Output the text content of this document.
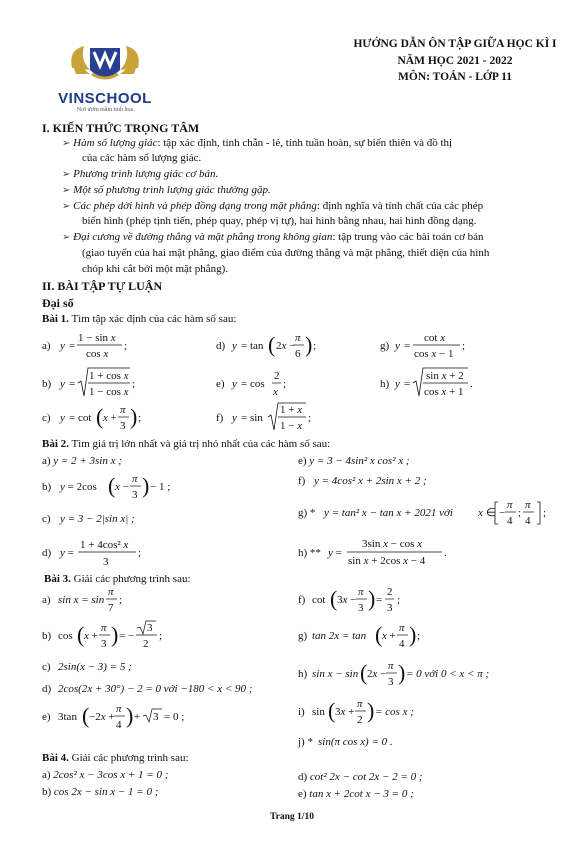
VINSCHOOL
Nơi ươm mầm tinh hoa
HƯỚNG DẪN ÔN TẬP GIỮA HỌC KÌ I
NĂM HỌC 2021 - 2022
MÔN: TOÁN - LỚP 11
I. KIẾN THỨC TRỌNG TÂM
➢ Hàm số lượng giác: tập xác định, tính chẵn - lẻ, tính tuần hoàn, sự biến thiên và đồ thị
của các hàm số lượng giác.
➢ Phương trình lượng giác cơ bản.
➢ Một số phương trình lượng giác thường gặp.
➢ Các phép dời hình và phép đồng dạng trong mặt phẳng: định nghĩa và tính chất của các phép
biến hình (phép tịnh tiến, phép quay, phép vị tự), hai hình bằng nhau, hai hình đồng dạng.
➢ Đại cương về đường thẳng và mặt phẳng trong không gian: tập trung vào các bài toán cơ bản
(giao tuyến của hai mặt phẳng, giao điểm của đường thẳng và mặt phẳng, thiết diện của hình
chóp khi cắt bởi một mặt phẳng).
II. BÀI TẬP TỰ LUẬN
Đại số
Bài 1. Tìm tập xác định của các hàm số sau:
a) y =
1 − sin x
cos x
;	d) y = tan ( 2x −
π
6 ) ;	g) y =
cot x
cos x − 1
;
b) y =
1 + cos x
1 − cos x
;	e) y = cos
2
x
;	h) y =
sin x + 2
cos x + 1
.
c) y = cot ( x +
π
3 ) ;	f) y = sin
1 + x
1 − x
;
Bài 2. Tìm giá trị lớn nhất và giá trị nhỏ nhất của các hàm số sau:
a) y = 2 + 3sin x ;	e) y = 3 − 4sin² x cos² x ;
b) y = 2cos ( x −
π
3 ) − 1 ;	f) y = 4cos² x + 2sin x + 2 ;
g) * y = tan² x − tan x + 2021 với x ∈ −
π
4
;
π
4
;
c) y = 3 − 2|sin x| ;
d) y =
1 + 4cos² x
3
;	h) ** y =
3sin x − cos x
sin x + 2cos x − 4
.
Bài 3. Giải các phương trình sau:
a) sin x = sin
π
7
;	f) cot ( 3x −
π
3 ) =
2
3
;
b) cos ( x +
π
3 ) = −
3
2
;	g) tan 2x = tan ( x +
π
4 ) ;
c) 2sin(x − 3) = 5 ;
h) sin x − sin ( 2x −
π
3 ) = 0 với 0 < x < π ;
d) 2cos(2x + 30°) − 2 = 0 với −180 < x < 90 ;
e) 3tan ( −2x +
π
4 ) + 3 = 0 ;	i) sin ( 3x +
π
2 ) = cos x ;
j) * sin(π cos x) = 0 .
Bài 4. Giải các phương trình sau:
a) 2cos² x − 3cos x + 1 = 0 ;	d) cot² 2x − cot 2x − 2 = 0 ;
b) cos 2x − sin x − 1 = 0 ;	e) tan x + 2cot x − 3 = 0 ;
Trang 1/10
